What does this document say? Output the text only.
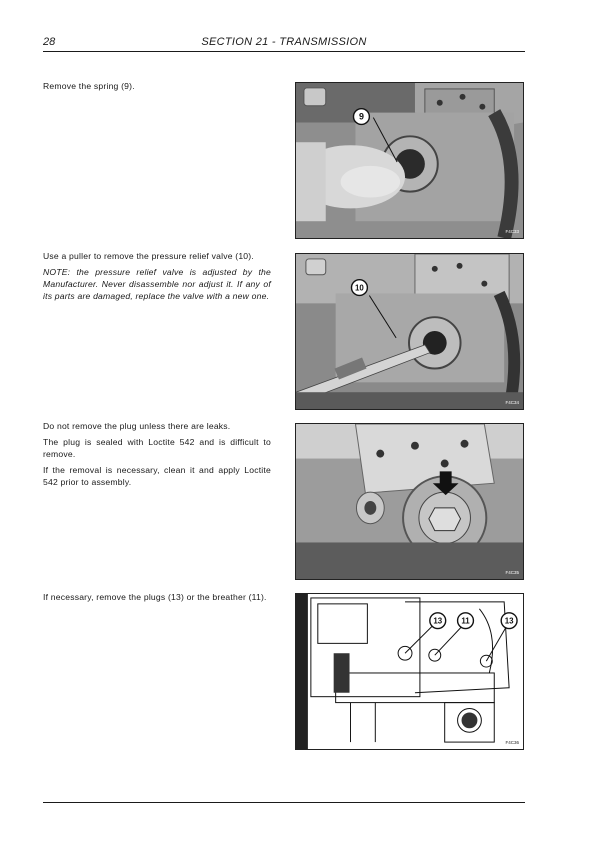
28	SECTION 21 - TRANSMISSION

Remove the spring (9).

9
F4C33

Use a puller to remove the pressure relief valve (10).

NOTE: the pressure relief valve is adjusted by the Manufacturer. Never disassemble nor adjust it. If any of its parts are damaged, replace the valve with a new one.

10
F4C34

Do not remove the plug unless there are leaks.

The plug is sealed with Loctite 542 and is difficult to remove.

If the removal is necessary, clean it and apply Loctite 542 prior to assembly.

F4C35

If necessary, remove the plugs (13) or the breather (11).

13 11	13
F4C36
